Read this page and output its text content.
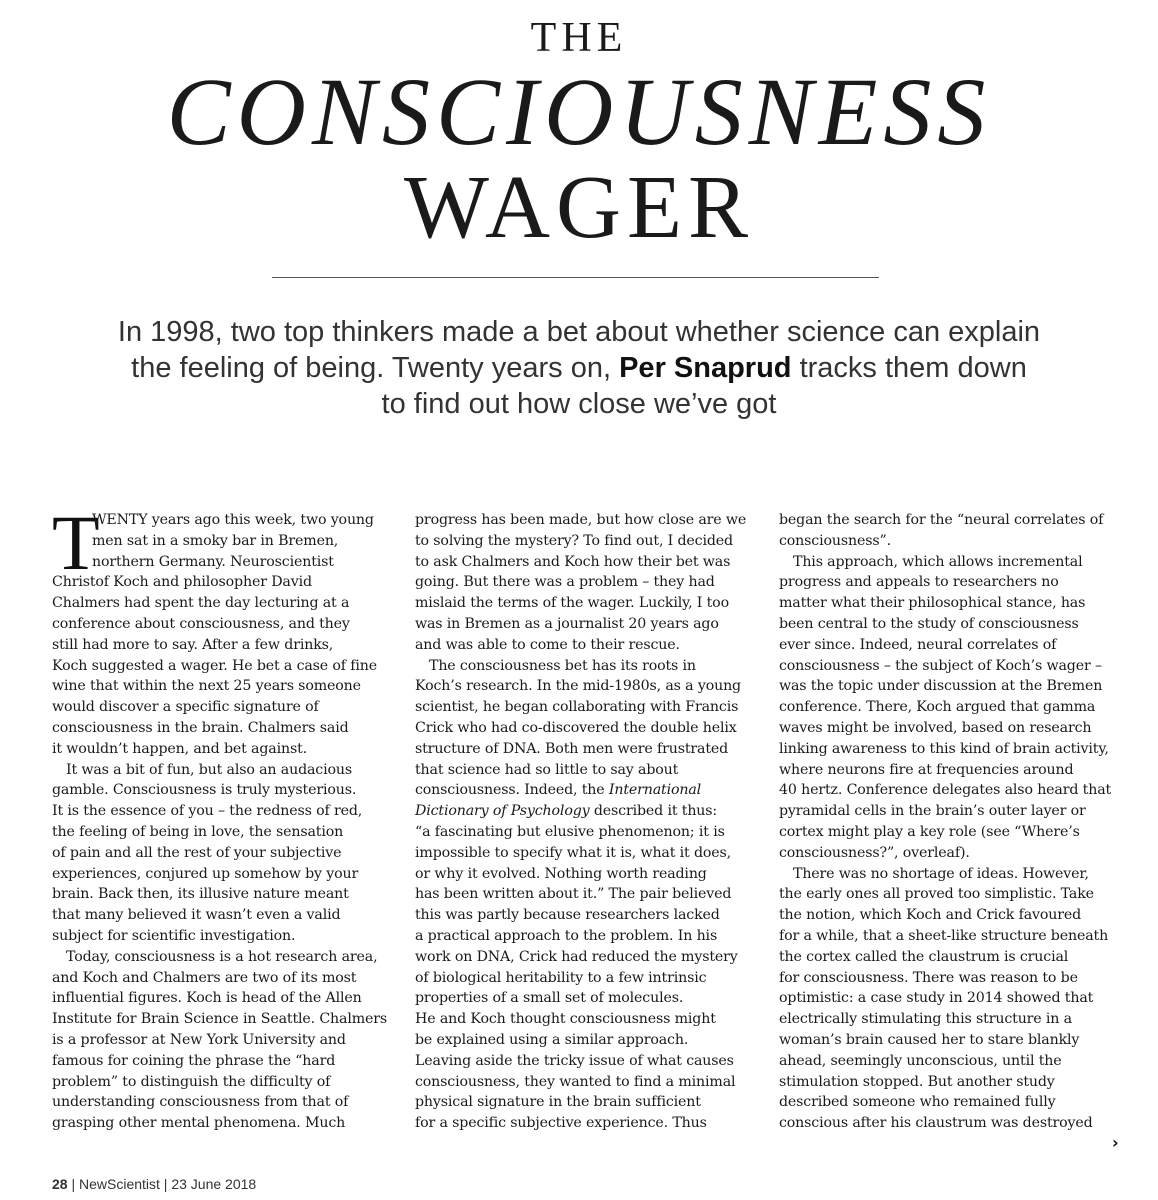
THE
CONSCIOUSNESS
WAGER
In 1998, two top thinkers made a bet about whether science can explain
the feeling of being. Twenty years on, Per Snaprud tracks them down
to find out how close we’ve got
T
WENTY years ago this week, two young
men sat in a smoky bar in Bremen,
northern Germany. Neuroscientist
Christof Koch and philosopher David
Chalmers had spent the day lecturing at a
conference about consciousness, and they
still had more to say. After a few drinks,
Koch suggested a wager. He bet a case of fine
wine that within the next 25 years someone
would discover a specific signature of
consciousness in the brain. Chalmers said
it wouldn’t happen, and bet against.
It was a bit of fun, but also an audacious
gamble. Consciousness is truly mysterious.
It is the essence of you – the redness of red,
the feeling of being in love, the sensation
of pain and all the rest of your subjective
experiences, conjured up somehow by your
brain. Back then, its illusive nature meant
that many believed it wasn’t even a valid
subject for scientific investigation.
Today, consciousness is a hot research area,
and Koch and Chalmers are two of its most
influential figures. Koch is head of the Allen
Institute for Brain Science in Seattle. Chalmers
is a professor at New York University and
famous for coining the phrase the “hard
problem” to distinguish the difficulty of
understanding consciousness from that of
grasping other mental phenomena. Much
progress has been made, but how close are we
to solving the mystery? To find out, I decided
to ask Chalmers and Koch how their bet was
going. But there was a problem – they had
mislaid the terms of the wager. Luckily, I too
was in Bremen as a journalist 20 years ago
and was able to come to their rescue.
The consciousness bet has its roots in
Koch’s research. In the mid-1980s, as a young
scientist, he began collaborating with Francis
Crick who had co-discovered the double helix
structure of DNA. Both men were frustrated
that science had so little to say about
consciousness. Indeed, the International
Dictionary of Psychology described it thus:
“a fascinating but elusive phenomenon; it is
impossible to specify what it is, what it does,
or why it evolved. Nothing worth reading
has been written about it.” The pair believed
this was partly because researchers lacked
a practical approach to the problem. In his
work on DNA, Crick had reduced the mystery
of biological heritability to a few intrinsic
properties of a small set of molecules.
He and Koch thought consciousness might
be explained using a similar approach.
Leaving aside the tricky issue of what causes
consciousness, they wanted to find a minimal
physical signature in the brain sufficient
for a specific subjective experience. Thus
began the search for the “neural correlates of
consciousness”.
This approach, which allows incremental
progress and appeals to researchers no
matter what their philosophical stance, has
been central to the study of consciousness
ever since. Indeed, neural correlates of
consciousness – the subject of Koch’s wager –
was the topic under discussion at the Bremen
conference. There, Koch argued that gamma
waves might be involved, based on research
linking awareness to this kind of brain activity,
where neurons fire at frequencies around
40 hertz. Conference delegates also heard that
pyramidal cells in the brain’s outer layer or
cortex might play a key role (see “Where’s
consciousness?”, overleaf).
There was no shortage of ideas. However,
the early ones all proved too simplistic. Take
the notion, which Koch and Crick favoured
for a while, that a sheet-like structure beneath
the cortex called the claustrum is crucial
for consciousness. There was reason to be
optimistic: a case study in 2014 showed that
electrically stimulating this structure in a
woman’s brain caused her to stare blankly
ahead, seemingly unconscious, until the
stimulation stopped. But another study
described someone who remained fully
conscious after his claustrum was destroyed
›
28 | NewScientist | 23 June 2018
